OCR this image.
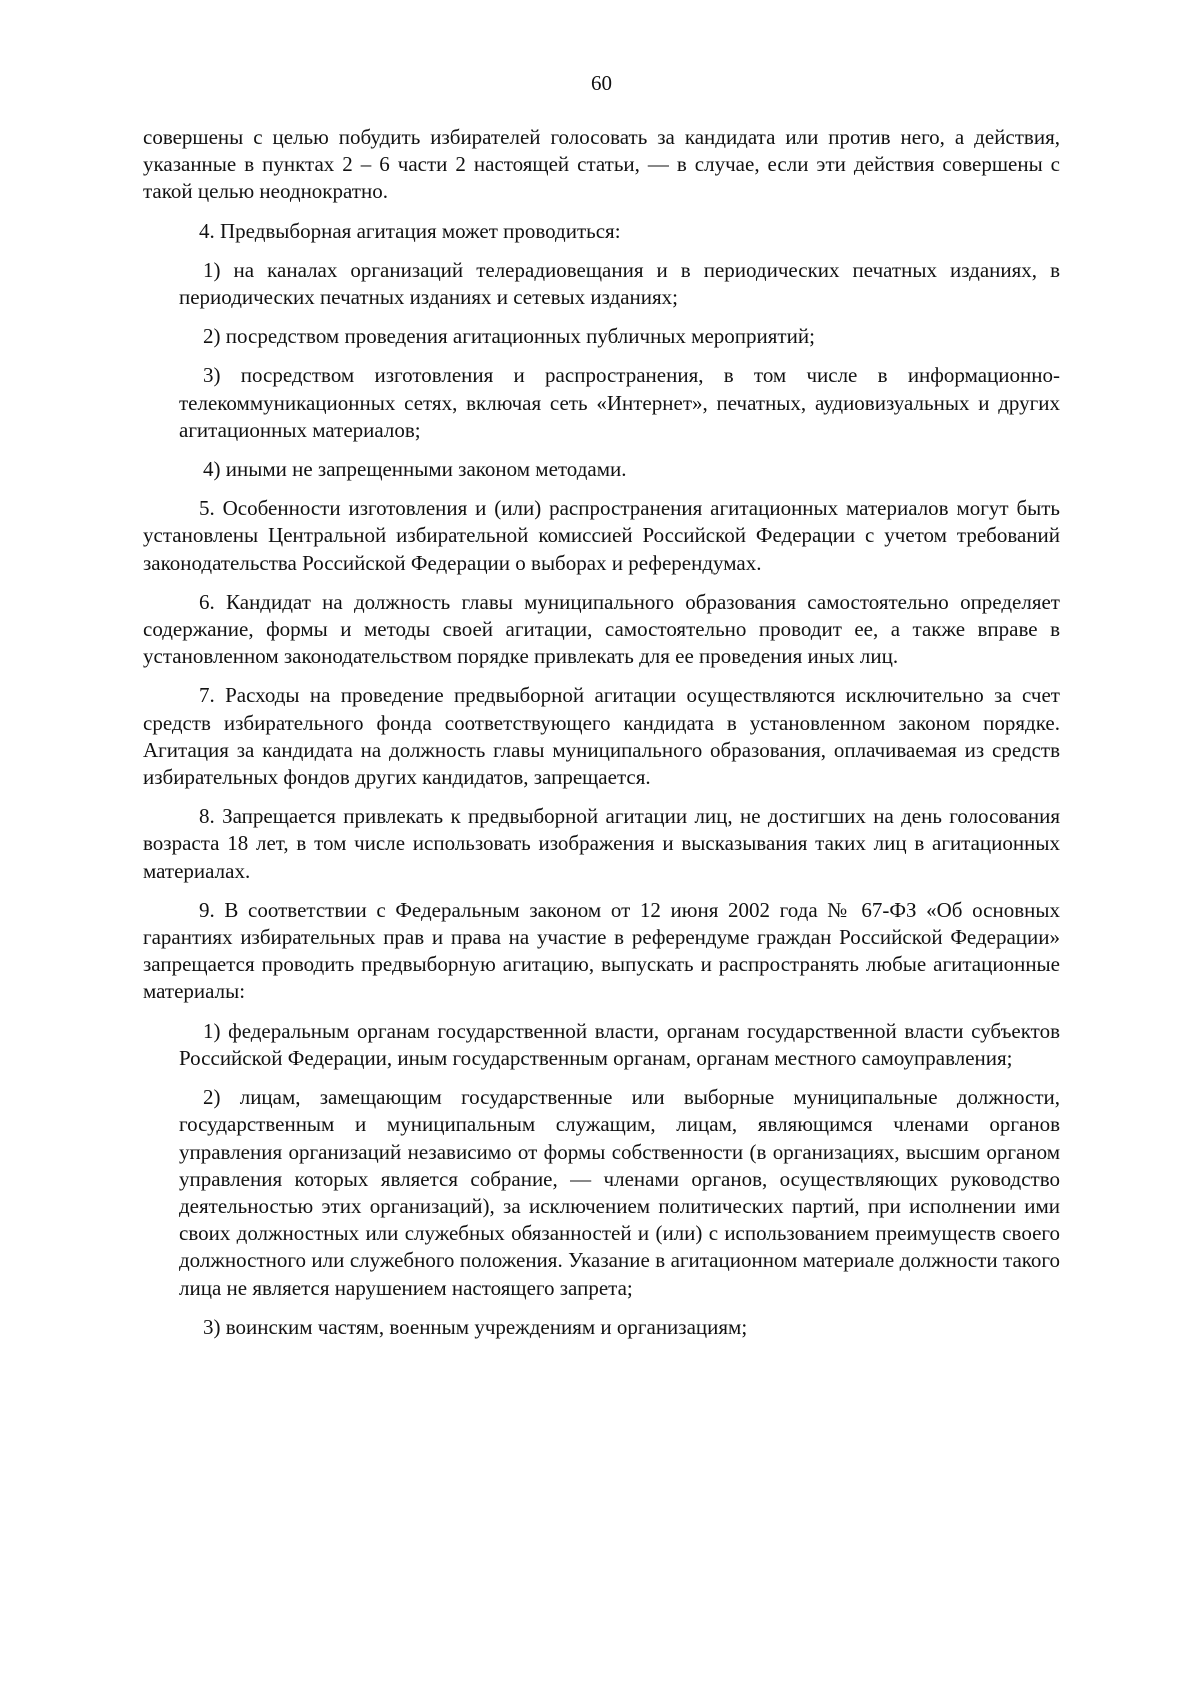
60

совершены с целью побудить избирателей голосовать за кандидата или против него, а действия, указанные в пунктах 2 – 6 части 2 настоящей статьи, — в случае, если эти действия совершены с такой целью неоднократно.

4. Предвыборная агитация может проводиться:

1) на каналах организаций телерадиовещания и в периодических печатных изданиях, в периодических печатных изданиях и сетевых изданиях;

2) посредством проведения агитационных публичных мероприятий;

3) посредством изготовления и распространения, в том числе в информационно-телекоммуникационных сетях, включая сеть «Интернет», печатных, аудиовизуальных и других агитационных материалов;

4) иными не запрещенными законом методами.

5. Особенности изготовления и (или) распространения агитационных материалов могут быть установлены Центральной избирательной комиссией Российской Федерации с учетом требований законодательства Российской Федерации о выборах и референдумах.

6. Кандидат на должность главы муниципального образования самостоятельно определяет содержание, формы и методы своей агитации, самостоятельно проводит ее, а также вправе в установленном законодательством порядке привлекать для ее проведения иных лиц.

7. Расходы на проведение предвыборной агитации осуществляются исключительно за счет средств избирательного фонда соответствующего кандидата в установленном законом порядке. Агитация за кандидата на должность главы муниципального образования, оплачиваемая из средств избирательных фондов других кандидатов, запрещается.

8. Запрещается привлекать к предвыборной агитации лиц, не достигших на день голосования возраста 18 лет, в том числе использовать изображения и высказывания таких лиц в агитационных материалах.

9. В соответствии с Федеральным законом от 12 июня 2002 года № 67-ФЗ «Об основных гарантиях избирательных прав и права на участие в референдуме граждан Российской Федерации» запрещается проводить предвыборную агитацию, выпускать и распространять любые агитационные материалы:

1) федеральным органам государственной власти, органам государственной власти субъектов Российской Федерации, иным государственным органам, органам местного самоуправления;

2) лицам, замещающим государственные или выборные муниципальные должности, государственным и муниципальным служащим, лицам, являющимся членами органов управления организаций независимо от формы собственности (в организациях, высшим органом управления которых является собрание, — членами органов, осуществляющих руководство деятельностью этих организаций), за исключением политических партий, при исполнении ими своих должностных или служебных обязанностей и (или) с использованием преимуществ своего должностного или служебного положения. Указание в агитационном материале должности такого лица не является нарушением настоящего запрета;

3) воинским частям, военным учреждениям и организациям;
